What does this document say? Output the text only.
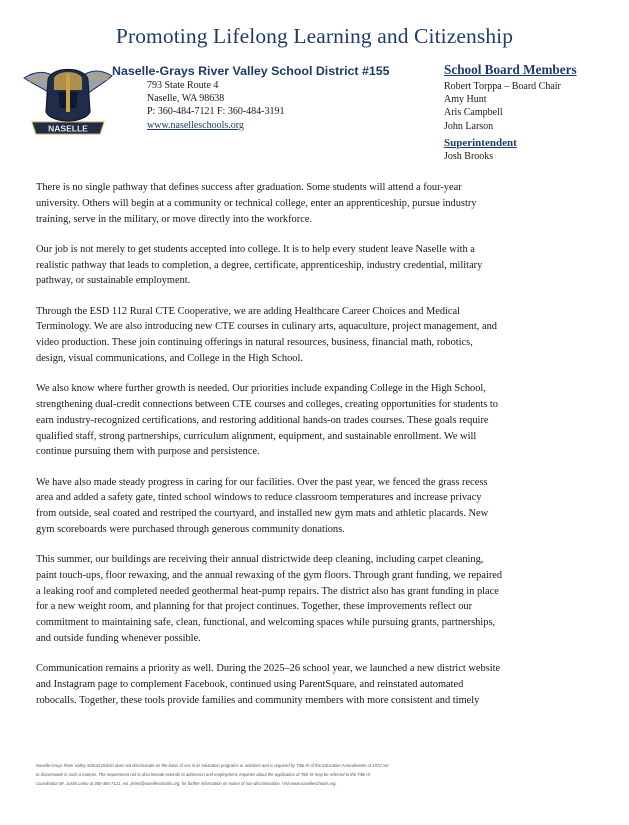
Promoting Lifelong Learning and Citizenship
NASELLE
Naselle-Grays River Valley School District #155
793 State Route 4
Naselle, WA 98638
P: 360-484-7121 F: 360-484-3191
www.naselleschools.org
School Board Members
Robert Torppa – Board Chair
Amy Hunt
Aris Campbell
John Larson
Superintendent
Josh Brooks

There is no single pathway that defines success after graduation. Some students will attend a four-year
university. Others will begin at a community or technical college, enter an apprenticeship, pursue industry
training, serve in the military, or move directly into the workforce.

Our job is not merely to get students accepted into college. It is to help every student leave Naselle with a
realistic pathway that leads to completion, a degree, certificate, apprenticeship, industry credential, military
pathway, or sustainable employment.

Through the ESD 112 Rural CTE Cooperative, we are adding Healthcare Career Choices and Medical
Terminology. We are also introducing new CTE courses in culinary arts, aquaculture, project management, and
video production. These join continuing offerings in natural resources, business, financial math, robotics,
design, visual communications, and College in the High School.

We also know where further growth is needed. Our priorities include expanding College in the High School,
strengthening dual-credit connections between CTE courses and colleges, creating opportunities for students to
earn industry-recognized certifications, and restoring additional hands-on trades courses. These goals require
qualified staff, strong partnerships, curriculum alignment, equipment, and sustainable enrollment. We will
continue pursuing them with purpose and persistence.

We have also made steady progress in caring for our facilities. Over the past year, we fenced the grass recess
area and added a safety gate, tinted school windows to reduce classroom temperatures and increase privacy
from outside, seal coated and restriped the courtyard, and installed new gym mats and athletic placards. New
gym scoreboards were purchased through generous community donations.

This summer, our buildings are receiving their annual districtwide deep cleaning, including carpet cleaning,
paint touch-ups, floor rewaxing, and the annual rewaxing of the gym floors. Through grant funding, we repaired
a leaking roof and completed needed geothermal heat-pump repairs. The district also has grant funding in place
for a new weight room, and planning for that project continues. Together, these improvements reflect our
commitment to maintaining safe, clean, functional, and welcoming spaces while pursuing grants, partnerships,
and outside funding whenever possible.

Communication remains a priority as well. During the 2025–26 school year, we launched a new district website
and Instagram page to complement Facebook, continued using ParentSquare, and reinstated automated
robocalls. Together, these tools provide families and community members with more consistent and timely

Naselle-Grays River Valley School District does not discriminate on the basis of sex in its education programs or activities and is required by Title IX of the Education Amendments of 1972 not
to discriminate in such a manner. The requirement not to discriminate extends to admission and employment. Inquiries about the application of Title IX may be referred to the Title IX
Coordinator Mr. Justin Leino at 360-484-7121, ext. jleino@naselleschools.org, for further information on notice of non-discrimination. Visit www.naselleschools.org.
